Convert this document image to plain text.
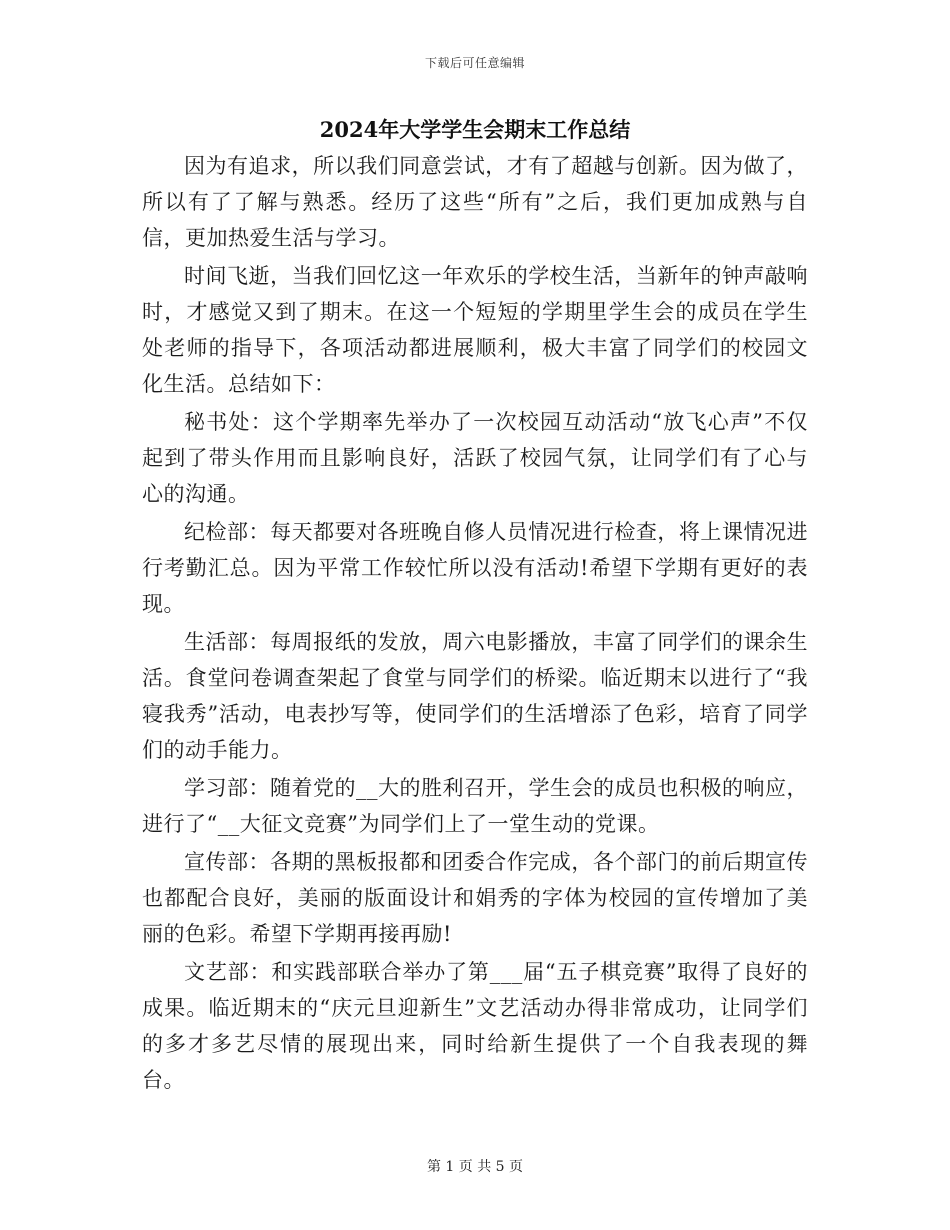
下载后可任意编辑
2024年大学学生会期末工作总结

因为有追求，所以我们同意尝试，才有了超越与创新。因为做了，所以有了了解与熟悉。经历了这些“所有”之后，我们更加成熟与自信，更加热爱生活与学习。

时间飞逝，当我们回忆这一年欢乐的学校生活，当新年的钟声敲响时，才感觉又到了期末。在这一个短短的学期里学生会的成员在学生处老师的指导下，各项活动都进展顺利，极大丰富了同学们的校园文化生活。总结如下：

秘书处：这个学期率先举办了一次校园互动活动“放飞心声”不仅起到了带头作用而且影响良好，活跃了校园气氛，让同学们有了心与心的沟通。

纪检部：每天都要对各班晚自修人员情况进行检查，将上课情况进行考勤汇总。因为平常工作较忙所以没有活动!希望下学期有更好的表现。

生活部：每周报纸的发放，周六电影播放，丰富了同学们的课余生活。食堂问卷调查架起了食堂与同学们的桥梁。临近期末以进行了“我寝我秀”活动，电表抄写等，使同学们的生活增添了色彩，培育了同学们的动手能力。

学习部：随着党的__大的胜利召开，学生会的成员也积极的响应，进行了“__大征文竞赛”为同学们上了一堂生动的党课。

宣传部：各期的黑板报都和团委合作完成，各个部门的前后期宣传也都配合良好，美丽的版面设计和娟秀的字体为校园的宣传增加了美丽的色彩。希望下学期再接再励!

文艺部：和实践部联合举办了第___届“五子棋竞赛”取得了良好的成果。临近期末的“庆元旦迎新生”文艺活动办得非常成功，让同学们的多才多艺尽情的展现出来，同时给新生提供了一个自我表现的舞台。

第 1 页 共 5 页
